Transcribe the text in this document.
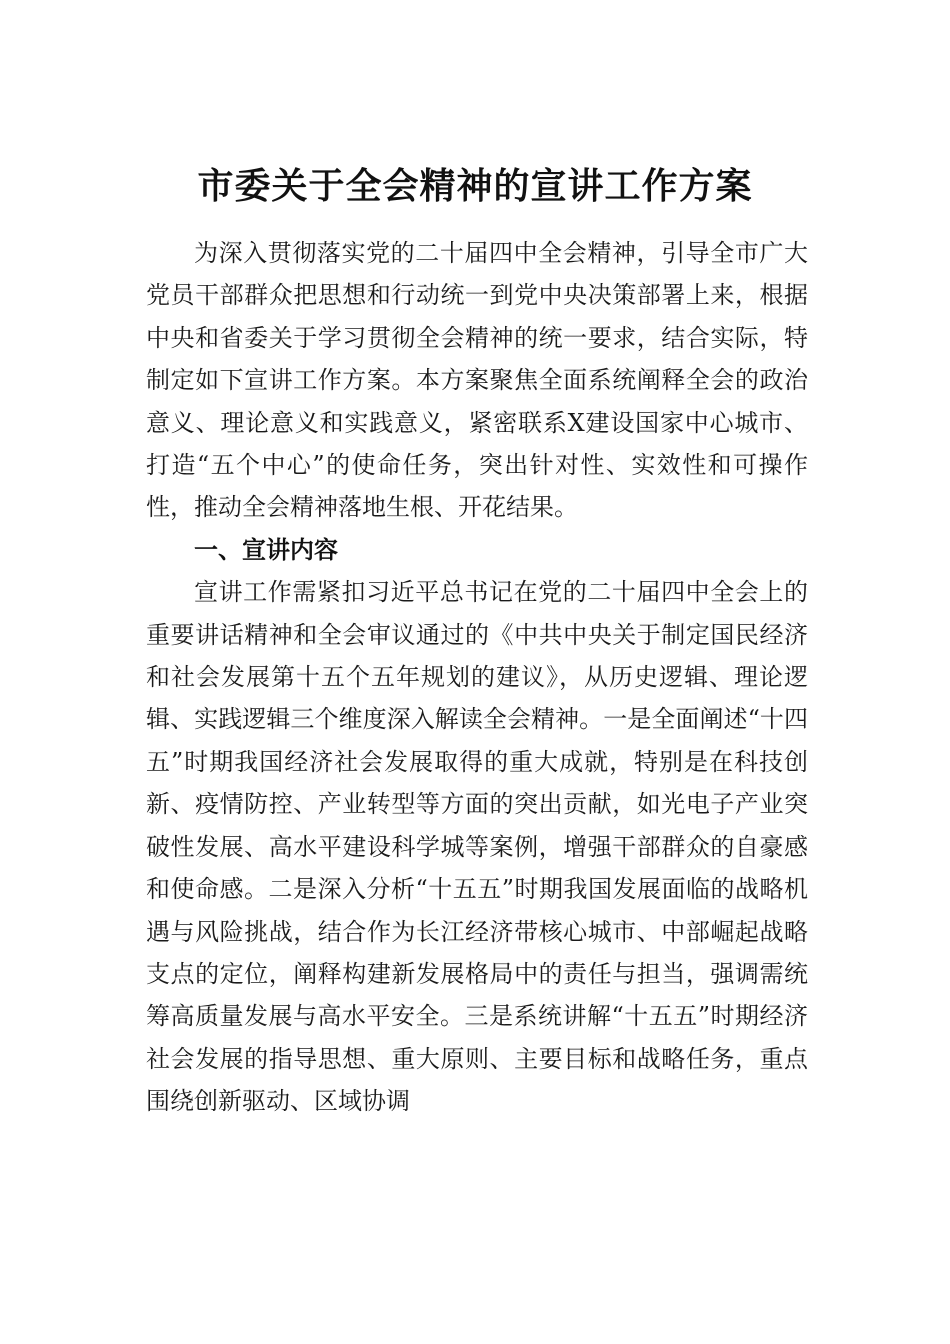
市委关于全会精神的宣讲工作方案

为深入贯彻落实党的二十届四中全会精神，引导全市广大党员干部群众把思想和行动统一到党中央决策部署上来，根据中央和省委关于学习贯彻全会精神的统一要求，结合实际，特制定如下宣讲工作方案。本方案聚焦全面系统阐释全会的政治意义、理论意义和实践意义，紧密联系X建设国家中心城市、打造“五个中心”的使命任务，突出针对性、实效性和可操作性，推动全会精神落地生根、开花结果。

一、宣讲内容

宣讲工作需紧扣习近平总书记在党的二十届四中全会上的重要讲话精神和全会审议通过的《中共中央关于制定国民经济和社会发展第十五个五年规划的建议》，从历史逻辑、理论逻辑、实践逻辑三个维度深入解读全会精神。一是全面阐述“十四五”时期我国经济社会发展取得的重大成就，特别是在科技创新、疫情防控、产业转型等方面的突出贡献，如光电子产业突破性发展、高水平建设科学城等案例，增强干部群众的自豪感和使命感。二是深入分析“十五五”时期我国发展面临的战略机遇与风险挑战，结合作为长江经济带核心城市、中部崛起战略支点的定位，阐释构建新发展格局中的责任与担当，强调需统筹高质量发展与高水平安全。三是系统讲解“十五五”时期经济社会发展的指导思想、重大原则、主要目标和战略任务，重点围绕创新驱动、区域协调
